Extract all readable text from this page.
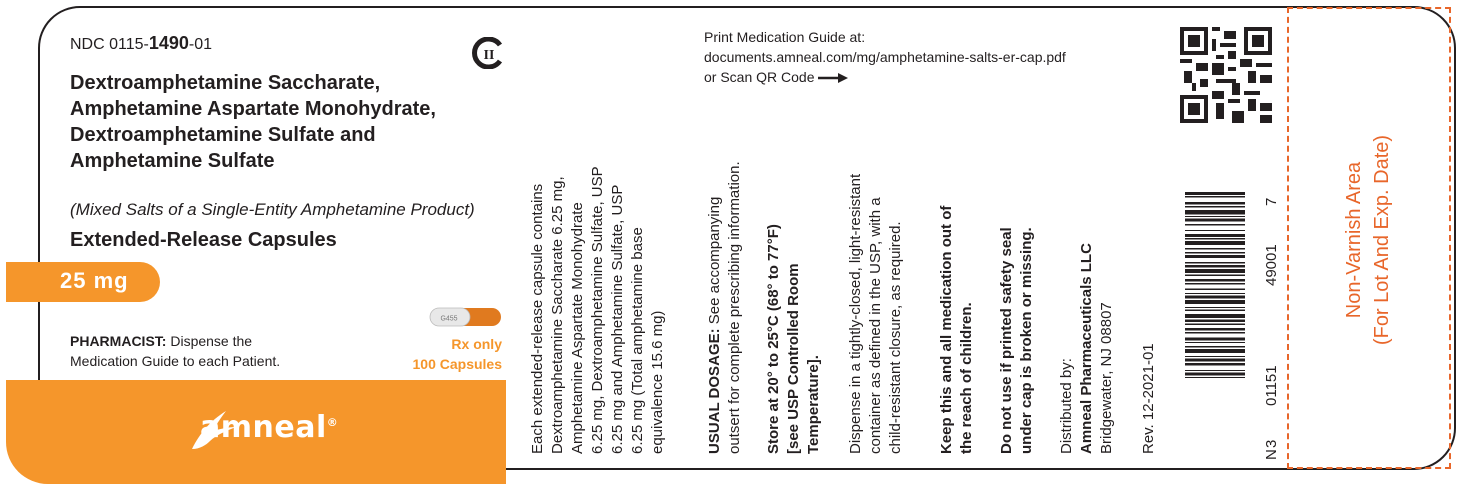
NDC 0115-1490-01
II
Dextroamphetamine Saccharate,
Amphetamine Aspartate Monohydrate,
Dextroamphetamine Sulfate and
Amphetamine Sulfate
(Mixed Salts of a Single-Entity Amphetamine Product)
Extended-Release Capsules
25 mg
PHARMACIST: Dispense the
Medication Guide to each Patient.
G455
Rx only
100 Capsules
amneal®
Print Medication Guide at:
documents.amneal.com/mg/amphetamine-salts-er-cap.pdf
or Scan QR Code
Each extended-release capsule contains Dextroamphetamine Saccharate 6.25 mg, Amphetamine Aspartate Monohydrate 6.25 mg, Dextroamphetamine Sulfate, USP 6.25 mg and Amphetamine Sulfate, USP 6.25 mg (Total amphetamine base equivalence 15.6 mg)	USUAL DOSAGE: See accompanying outsert for complete prescribing information. Store at 20° to 25°C (68° to 77°F) [see USP Controlled Room Temperature]. Dispense in a tightly-closed, light-resistant container as defined in the USP, with a child-resistant closure, as required. Keep this and all medication out of the reach of children. Do not use if printed safety seal under cap is broken or missing. Distributed by: Amneal Pharmaceuticals LLC Bridgewater, NJ 08807 Rev. 12-2021-01
N
3
01151
49001
7	Non-Varnish Area (For Lot And Exp. Date)
